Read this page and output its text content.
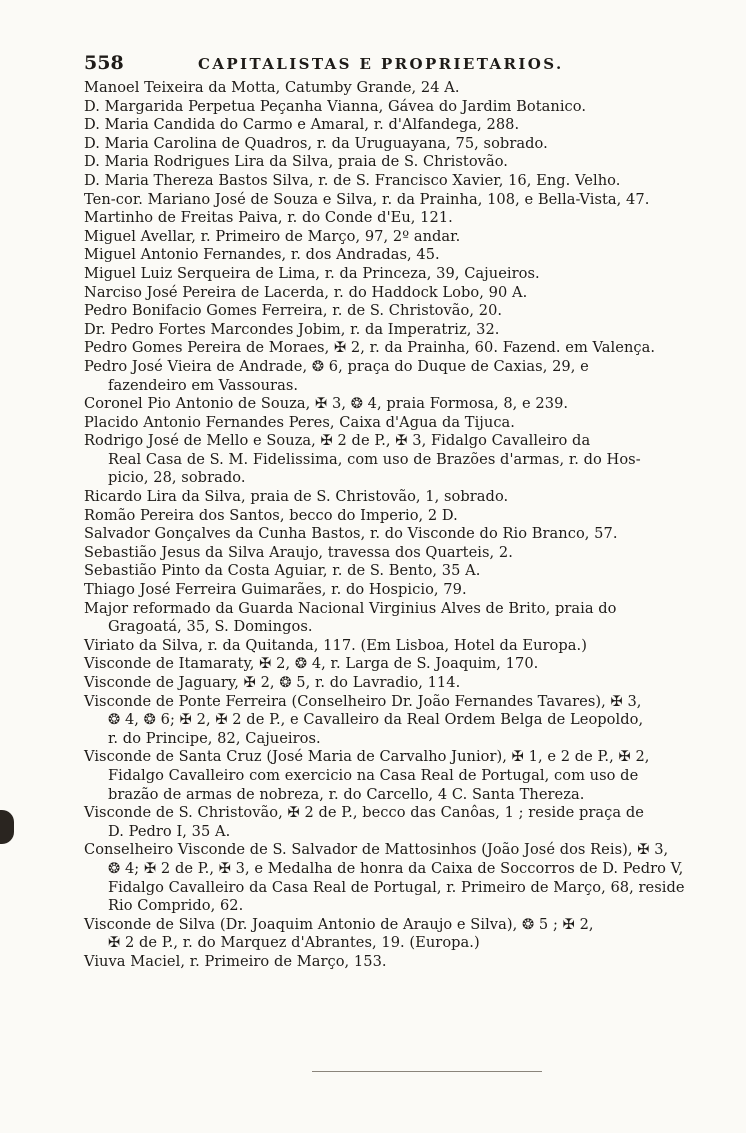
558	CAPITALISTAS E PROPRIETARIOS.
Manoel Teixeira da Motta, Catumby Grande, 24 A.
D. Margarida Perpetua Peçanha Vianna, Gávea do Jardim Botanico.
D. Maria Candida do Carmo e Amaral, r. d'Alfandega, 288.
D. Maria Carolina de Quadros, r. da Uruguayana, 75, sobrado.
D. Maria Rodrigues Lira da Silva, praia de S. Christovão.
D. Maria Thereza Bastos Silva, r. de S. Francisco Xavier, 16, Eng. Velho.
Ten-cor. Mariano José de Souza e Silva, r. da Prainha, 108, e Bella-Vista, 47.
Martinho de Freitas Paiva, r. do Conde d'Eu, 121.
Miguel Avellar, r. Primeiro de Março, 97, 2º andar.
Miguel Antonio Fernandes, r. dos Andradas, 45.
Miguel Luiz Serqueira de Lima, r. da Princeza, 39, Cajueiros.
Narciso José Pereira de Lacerda, r. do Haddock Lobo, 90 A.
Pedro Bonifacio Gomes Ferreira, r. de S. Christovão, 20.
Dr. Pedro Fortes Marcondes Jobim, r. da Imperatriz, 32.
Pedro Gomes Pereira de Moraes, ✠ 2, r. da Prainha, 60. Fazend. em Valença.
Pedro José Vieira de Andrade, ❂ 6, praça do Duque de Caxias, 29, e
fazendeiro em Vassouras.
Coronel Pio Antonio de Souza, ✠ 3, ❂ 4, praia Formosa, 8, e 239.
Placido Antonio Fernandes Peres, Caixa d'Agua da Tijuca.
Rodrigo José de Mello e Souza, ✠ 2 de P., ✠ 3, Fidalgo Cavalleiro da
Real Casa de S. M. Fidelissima, com uso de Brazões d'armas, r. do Hos-
picio, 28, sobrado.
Ricardo Lira da Silva, praia de S. Christovão, 1, sobrado.
Romão Pereira dos Santos, becco do Imperio, 2 D.
Salvador Gonçalves da Cunha Bastos, r. do Visconde do Rio Branco, 57.
Sebastião Jesus da Silva Araujo, travessa dos Quarteis, 2.
Sebastião Pinto da Costa Aguiar, r. de S. Bento, 35 A.
Thiago José Ferreira Guimarães, r. do Hospicio, 79.
Major reformado da Guarda Nacional Virginius Alves de Brito, praia do
Gragoatá, 35, S. Domingos.
Viriato da Silva, r. da Quitanda, 117. (Em Lisboa, Hotel da Europa.)
Visconde de Itamaraty, ✠ 2, ❂ 4, r. Larga de S. Joaquim, 170.
Visconde de Jaguary, ✠ 2, ❂ 5, r. do Lavradio, 114.
Visconde de Ponte Ferreira (Conselheiro Dr. João Fernandes Tavares), ✠ 3,
❂ 4, ❂ 6; ✠ 2, ✠ 2 de P., e Cavalleiro da Real Ordem Belga de Leopoldo,
r. do Principe, 82, Cajueiros.
Visconde de Santa Cruz (José Maria de Carvalho Junior), ✠ 1, e 2 de P., ✠ 2,
Fidalgo Cavalleiro com exercicio na Casa Real de Portugal, com uso de
brazão de armas de nobreza, r. do Carcello, 4 C. Santa Thereza.
Visconde de S. Christovão, ✠ 2 de P., becco das Canôas, 1 ; reside praça de
D. Pedro I, 35 A.
Conselheiro Visconde de S. Salvador de Mattosinhos (João José dos Reis), ✠ 3,
❂ 4; ✠ 2 de P., ✠ 3, e Medalha de honra da Caixa de Soccorros de D. Pedro V,
Fidalgo Cavalleiro da Casa Real de Portugal, r. Primeiro de Março, 68, reside
Rio Comprido, 62.
Visconde de Silva (Dr. Joaquim Antonio de Araujo e Silva), ❂ 5 ; ✠ 2,
✠ 2 de P., r. do Marquez d'Abrantes, 19. (Europa.)
Viuva Maciel, r. Primeiro de Março, 153.
